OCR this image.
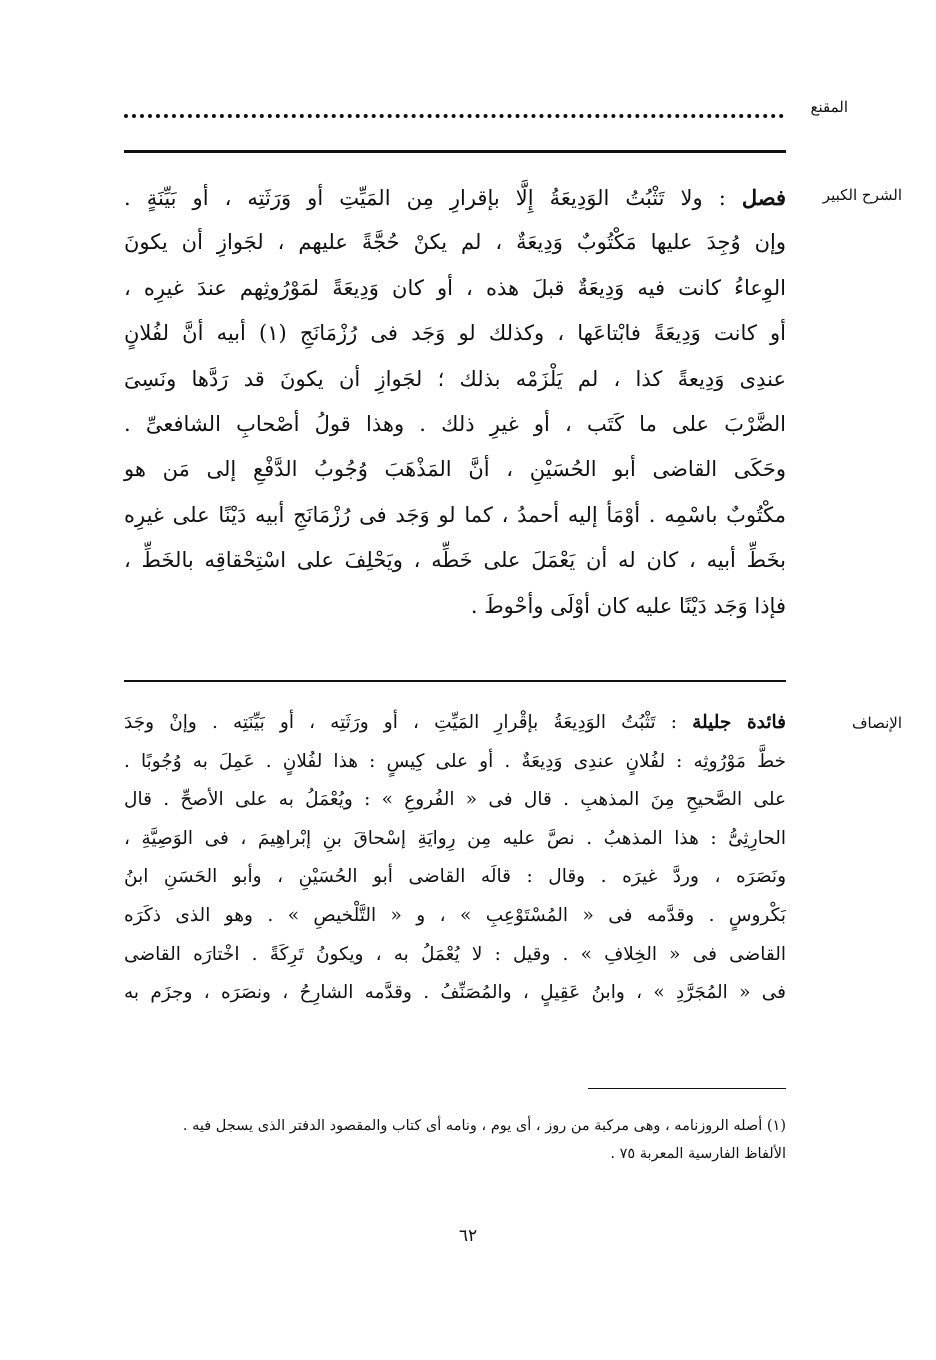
المقنع
الشرح الكبير
فصل : ولا تَثْبُتُ الوَدِيعَةُ إِلَّا بإقرارِ مِن المَيِّتِ أو وَرَثَتِه ، أو بَيِّنَةٍ .
وإن وُجِدَ عليها مَكْتُوبٌ وَدِيعَةٌ ، لم يكنْ حُجَّةً عليهم ، لجَوازِ أن يكونَ
الوِعاءُ كانت فيه وَدِيعَةٌ قبلَ هذه ، أو كان وَدِيعَةً لمَوْرُوثِهم عندَ غيرِه ،
أو كانت وَدِيعَةً فابْتاعَها ، وكذلك لو وَجَد فى رُزْمَانَجِ (١) أبيه أنَّ لفُلانٍ
عندِى وَدِيعةً كذا ، لم يَلْزَمْه بذلك ؛ لجَوازِ أن يكونَ قد رَدَّها ونَسِىَ
الضَّرْبَ على ما كَتَب ، أو غيرِ ذلك . وهذا قولُ أصْحابِ الشافعىِّ .
وحَكَى القاضى أبو الحُسَيْنِ ، أنَّ المَذْهَبَ وُجُوبُ الدَّفْعِ إلى مَن هو
مكْتُوبٌ باسْمِه . أوْمَأ إليه أحمدُ ، كما لو وَجَد فى رُزْمَانَجِ أبيه دَيْنًا على غيرِه
بخَطِّ أبيه ، كان له أن يَعْمَلَ على خَطِّه ، ويَحْلِفَ على اسْتِحْقاقِه بالخَطِّ ،
فإذا وَجَد دَيْنًا عليه كان أوْلَى وأحْوطَ .
الإنصاف
فائدة جليلة : تَثْبُتُ الوَدِيعَةُ بإقْرارِ المَيِّتِ ، أو ورَثَتِه ، أو بَيِّنَتِه . وإنْ وجَدَ
خطَّ مَوْرُوثِه : لفُلانٍ عندِى وَدِيعَةٌ . أو على كِيسٍ : هذا لفُلانٍ . عَمِلَ به وُجُوبًا .
على الصَّحيحِ مِنَ المذهبِ . قال فى « الفُروعِ » : ويُعْمَلُ به على الأصحِّ . قال
الحارِثِىُّ : هذا المذهبُ . نصَّ عليه مِن رِوايَةِ إسْحاقَ بنِ إبْراهِيمَ ، فى الوَصِيَّةِ ،
ونَصَرَه ، وردَّ غيرَه . وقال : قالَه القاضى أبو الحُسَيْنِ ، وأبو الحَسَنِ ابنُ
بَكْروسٍ . وقدَّمه فى « المُسْتَوْعِبِ » ، و « التَّلْخيصِ » . وهو الذى ذكَرَه
القاضى فى « الخِلافِ » . وقيل : لا يُعْمَلُ به ، ويكونُ تَرِكَةً . اخْتارَه القاضى
فى « المُجَرَّدِ » ، وابنُ عَقِيلٍ ، والمُصَنِّفُ . وقدَّمه الشارِحُ ، ونصَرَه ، وجزَم به
(١) أصله الروزنامه ، وهى مركبة من روز ، أى يوم ، ونامه أى كتاب والمقصود الدفتر الذى يسجل فيه .
الألفاظ الفارسية المعربة ٧٥ .
٦٢
